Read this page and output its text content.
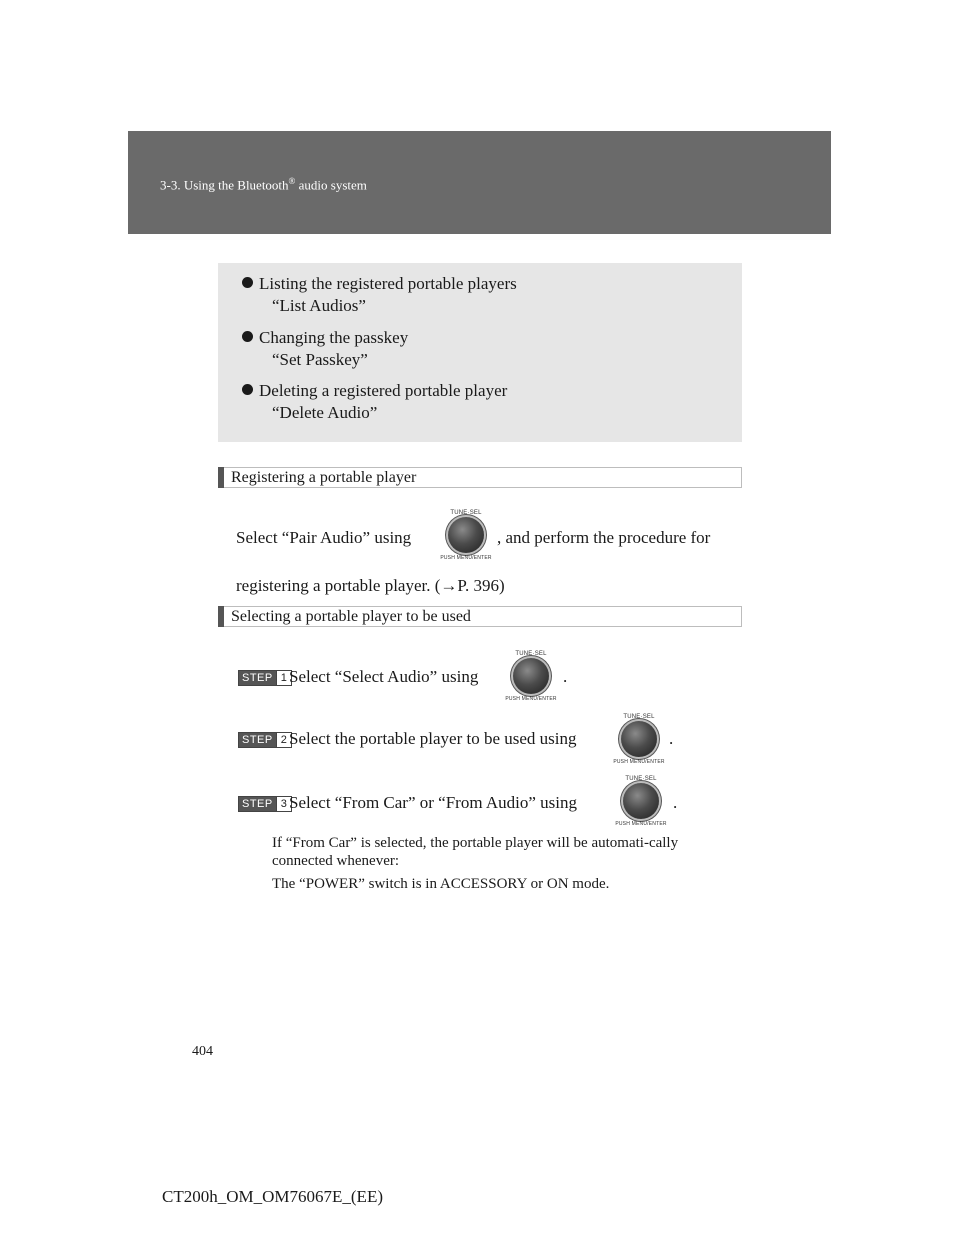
3-3. Using the Bluetooth® audio system
Listing the registered portable players
“List Audios”
Changing the passkey
“Set Passkey”
Deleting a registered portable player
“Delete Audio”
Registering a portable player
Select “Pair Audio” using
TUNE·SEL
PUSH MENU/ENTER
, and perform the procedure for
registering a portable player. (→P. 396)
Selecting a portable player to be used
STEP 1 Select “Select Audio” using
TUNE·SEL
PUSH MENU/ENTER
.
STEP 2 Select the portable player to be used using
TUNE·SEL
PUSH MENU/ENTER
.
STEP 3 Select “From Car” or “From Audio” using
TUNE·SEL
PUSH MENU/ENTER
.
If “From Car” is selected, the portable player will be automati-cally connected whenever:
The “POWER” switch is in ACCESSORY or ON mode.
404
CT200h_OM_OM76067E_(EE)
